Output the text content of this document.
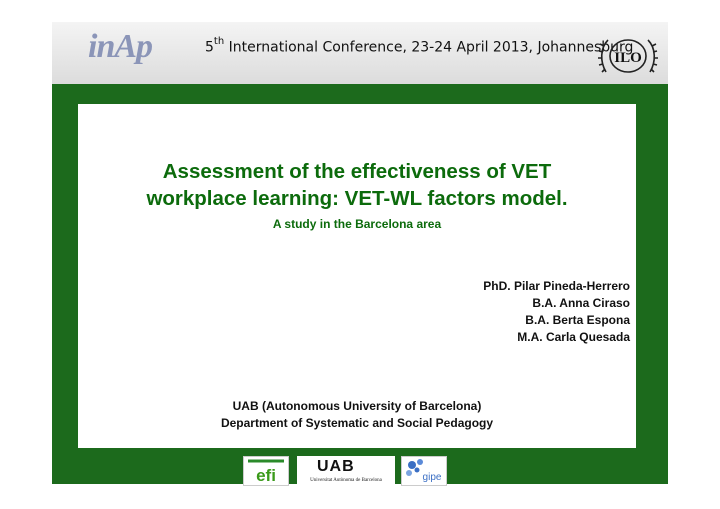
inAp	5th International Conference, 23-24 April 2013, Johannesburg
ILO
Assessment of the effectiveness of VET
workplace learning: VET-WL factors model.
A study in the Barcelona area
PhD. Pilar Pineda-Herrero
B.A. Anna Ciraso
B.A. Berta Espona
M.A. Carla Quesada
UAB (Autonomous University of Barcelona)
Department of Systematic and Social Pedagogy
efi	UAB
Universitat Autònoma de Barcelona	gipe
